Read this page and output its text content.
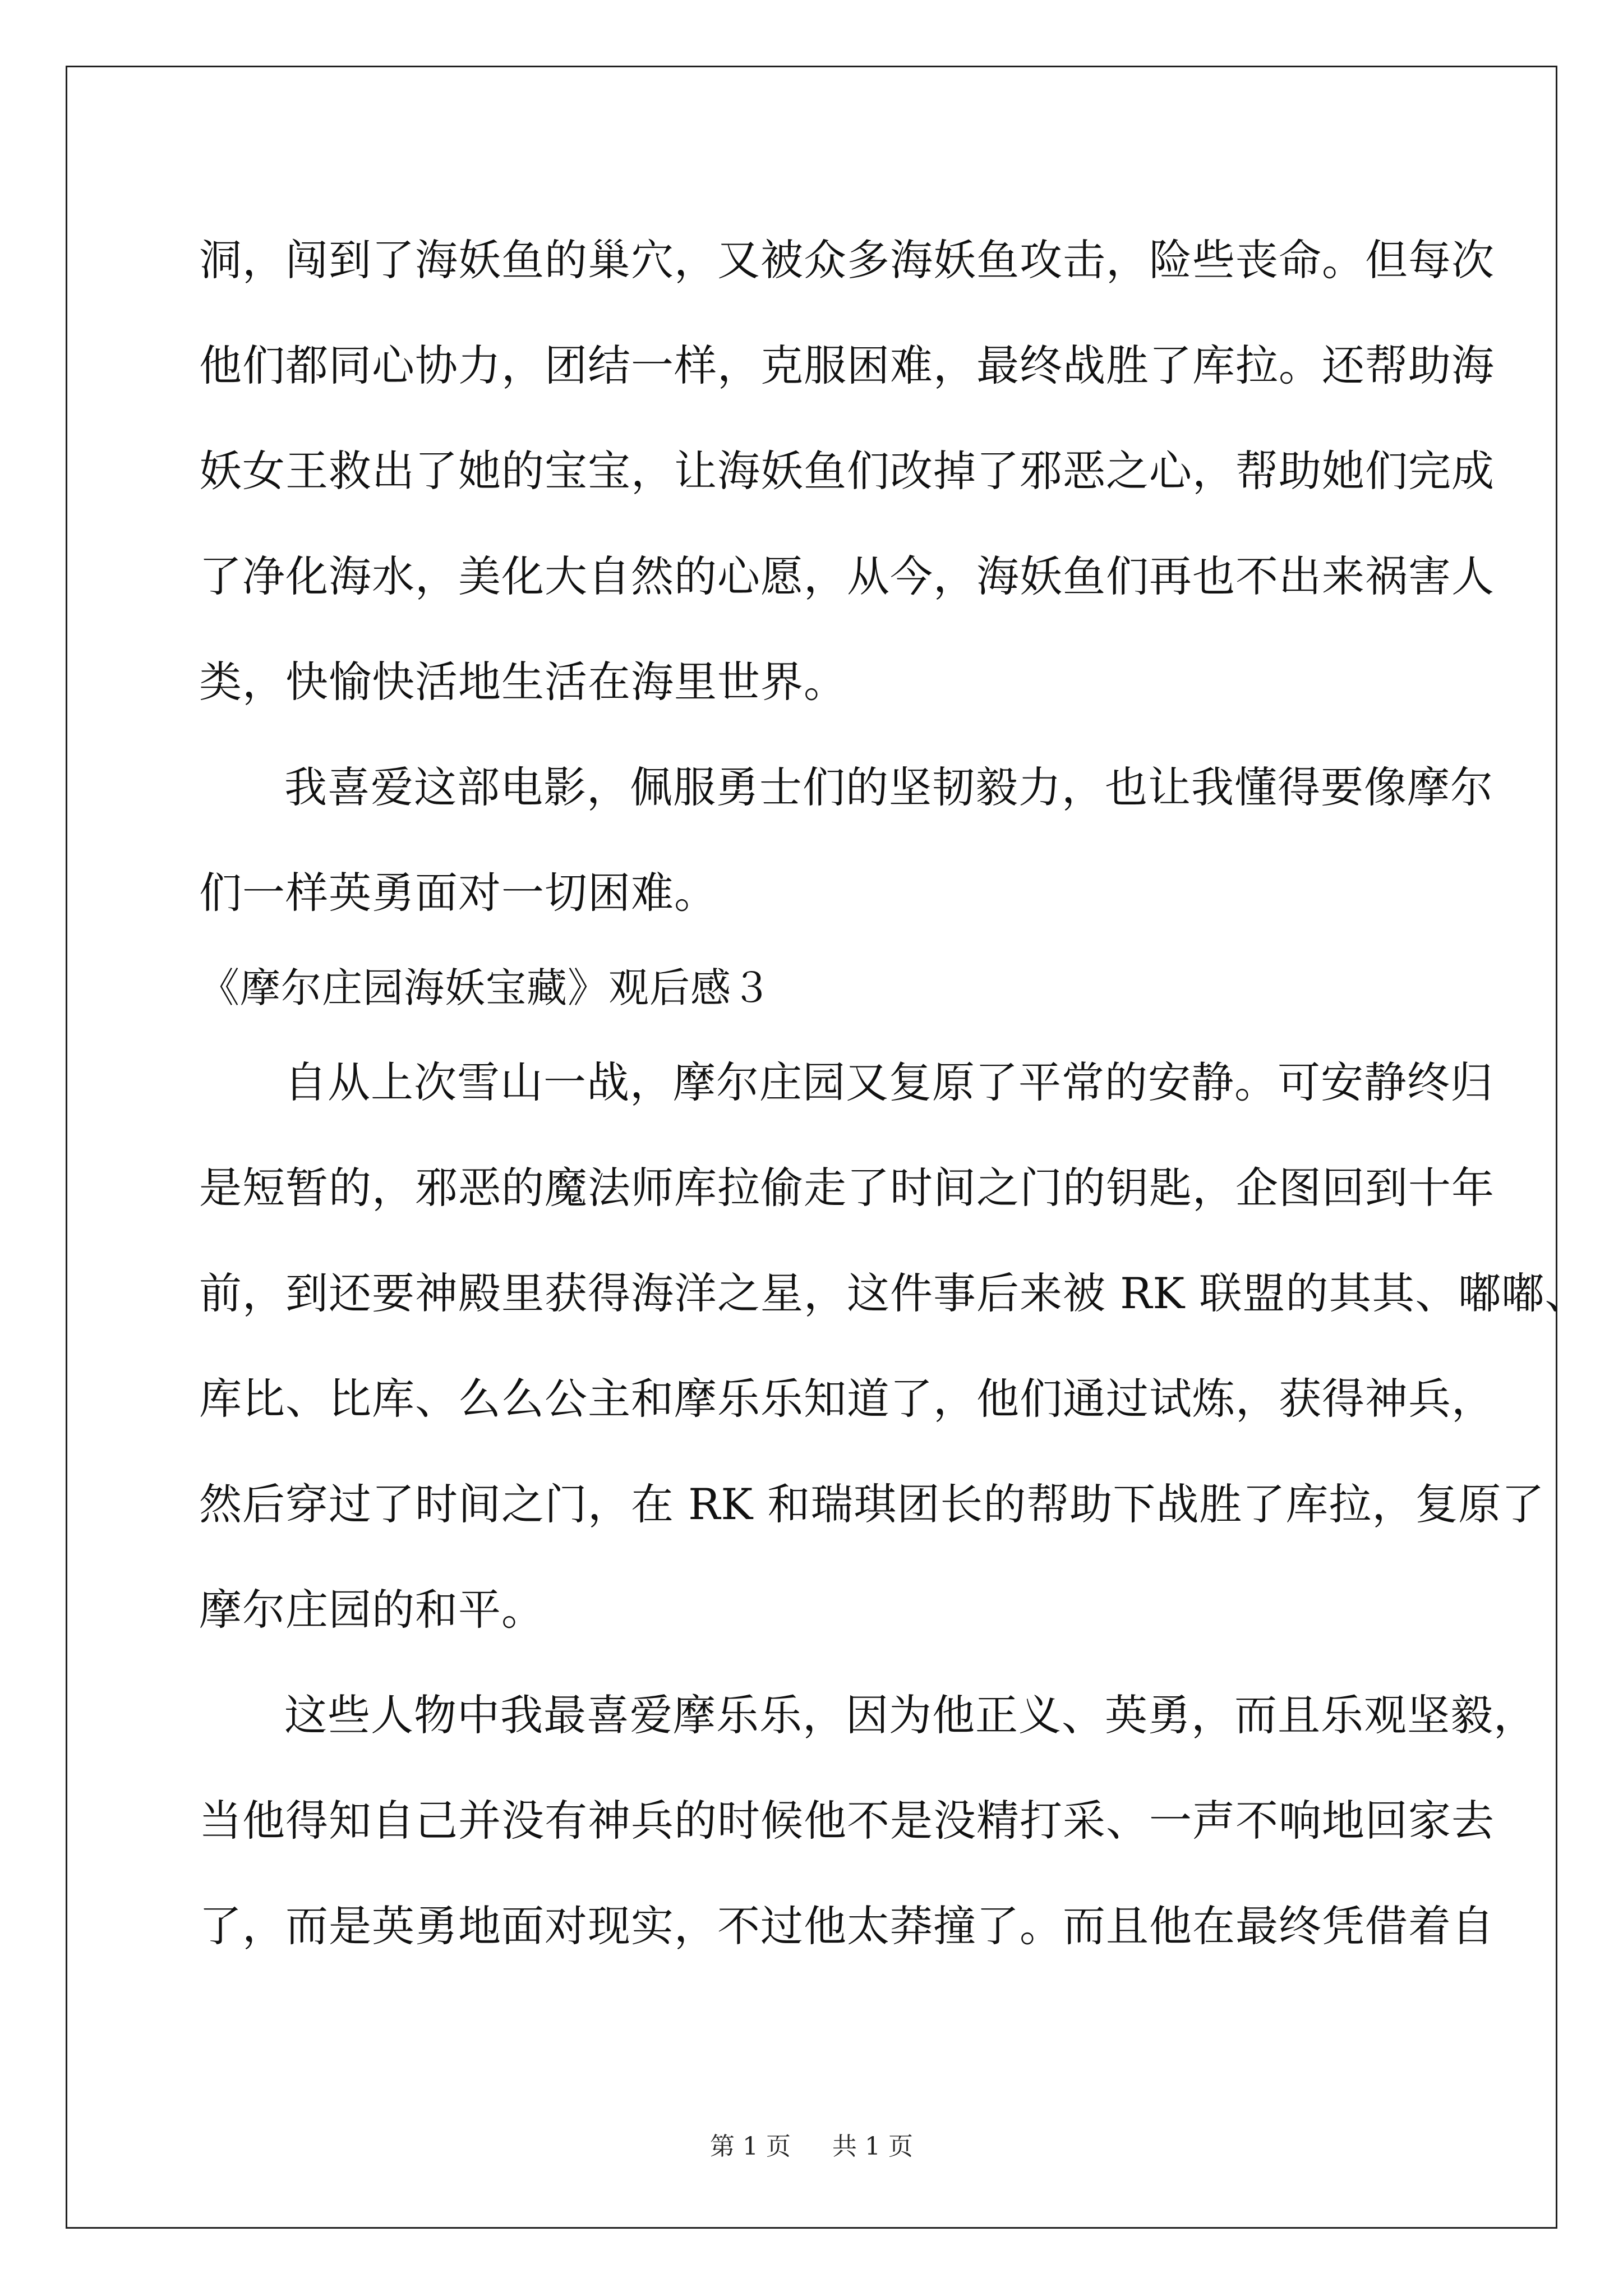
洞，闯到了海妖鱼的巢穴，又被众多海妖鱼攻击，险些丧命。但每次
他们都同心协力，团结一样，克服困难，最终战胜了库拉。还帮助海
妖女王救出了她的宝宝，让海妖鱼们改掉了邪恶之心，帮助她们完成
了净化海水，美化大自然的心愿，从今，海妖鱼们再也不出来祸害人
类，快愉快活地生活在海里世界。
我喜爱这部电影，佩服勇士们的坚韧毅力，也让我懂得要像摩尔
们一样英勇面对一切困难。
《摩尔庄园海妖宝藏》观后感３
自从上次雪山一战，摩尔庄园又复原了平常的安静。可安静终归
是短暂的，邪恶的魔法师库拉偷走了时间之门的钥匙，企图回到十年
前，到还要神殿里获得海洋之星，这件事后来被 RK 联盟的其其、嘟嘟、
库比、比库、么么公主和摩乐乐知道了，他们通过试炼，获得神兵，
然后穿过了时间之门，在 RK 和瑞琪团长的帮助下战胜了库拉，复原了
摩尔庄园的和平。
这些人物中我最喜爱摩乐乐，因为他正义、英勇，而且乐观坚毅，
当他得知自己并没有神兵的时候他不是没精打采、一声不响地回家去
了，而是英勇地面对现实，不过他太莽撞了。而且他在最终凭借着自
第 1 页 共 1 页
